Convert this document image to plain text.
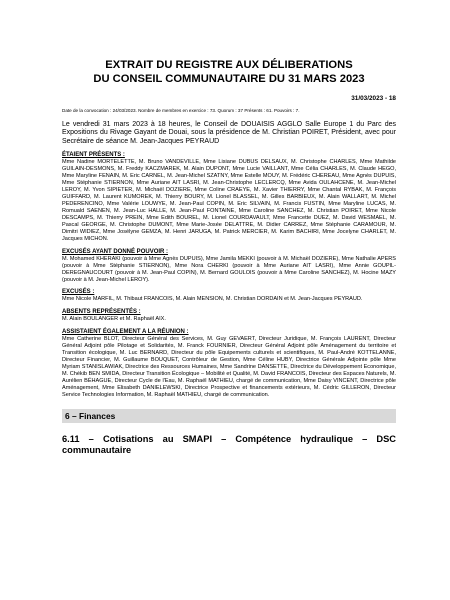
EXTRAIT DU REGISTRE AUX DÉLIBERATIONS

DU CONSEIL COMMUNAUTAIRE DU 31 MARS 2023

31/03/2023 - 18
Date de la convocation : 24/03/2023. Nombre de membres en exercice : 73. Quorum : 37 Présents : 61. Pouvoirs : 7.
Le vendredi 31 mars 2023 à 18 heures, le Conseil de DOUAISIS AGGLO Salle Europe 1 du Parc des Expositions du Rivage Gayant de Douai, sous la présidence de M. Christian POIRET, Président, avec pour Secrétaire de séance M. Jean-Jacques PEYRAUD
ÉTAIENT PRÉSENTS :
Mme Nadine MORTELETTE, M. Bruno VANDEVILLE, Mme Lisiane DUBUS DELSAUX, M. Christophe CHARLES, Mme Mathilde GUILAIN-DESMONS, M. Freddy KACZMAREK, M. Alain DUPONT, Mme Lucie VAILLANT, Mme Célia CHARLES, M. Claude HEGO, Mme Maryline FENAIN, M. Eric CARNEL, M. Jean-Michel SZATNY, Mme Estelle MOUY, M. Frédéric CHEREAU, Mme Agnès DUPUIS, Mme Stéphanie STIERNON, Mme Auriane AIT LASRI, M. Jean-Christophe LECLERCQ, Mme Avida OULAHCENE, M. Jean-Michel LEROY, M. Yvon SIPIETER, M. Michaël DOZIERE, Mme Coline CRAEYE, M. Xavier THIERRY, Mme Chantal RYBAK, M. François GUIFFARD, M. Laurent KUMOREK, M. Thierry BOURY, M. Lionel BLASSEL, M. Gilles BARBIEUX, M. Alain WALLART, M. Michel PEDERENCINO, Mme Valérie LOUWYE, M. Jean-Paul COPIN, M. Eric SILVAIN, M. Francis FUSTIN, Mme Maryline LUCAS, M. Romuald SAENEN, M. Jean-Luc HALLE, M. Jean-Paul FONTAINE, Mme Caroline SANCHEZ, M. Christian POIRET, Mme Nicole DESCAMPS, M. Thierry PREIN, Mme Edith BOUREL, M. Lionel COURDAVAULT, Mme Francette DUEZ, M. David WESMAEL, M. Pascal GEORGE, M. Christophe DUMONT, Mme Marie-Josée DELATTRE, M. Didier CARREZ, Mme Stéphanie CARAMOUR, M. Dimitri WIDIEZ, Mme Josélyne GEMZA, M. Henri JARUGA, M. Patrick MERCIER, M. Karim BACHIRI, Mme Jocelyne CHARLET, M. Jacques MICHON.
EXCUSÉS AYANT DONNÉ POUVOIR :
M. Mohamed KHERAKI (pouvoir à Mme Agnès DUPUIS), Mme Jamila MEKKI (pouvoir à M. Michaël DOZIERE), Mme Nathalie APERS (pouvoir à Mme Stéphanie STIERNON), Mme Nora CHERKI (pouvoir à Mme Auriane AIT LASRI), Mme Annie GOUPIL-DEREGNAUCOURT (pouvoir à M. Jean-Paul COPIN), M. Bernard GOULOIS (pouvoir à Mme Caroline SANCHEZ), M. Hocine MAZY (pouvoir à M. Jean-Michel LEROY).
EXCUSÉS :
Mme Nicole MARFIL, M. Thibaut FRANCOIS, M. Alain MENSION, M. Christian DORDAIN et M. Jean-Jacques PEYRAUD.
ABSENTS REPRÉSENTÉS :
M. Alain BOULANGER et M. Raphaël AIX.
ASSISTAIENT ÉGALEMENT A LA RÉUNION :
Mme Catherine BLOT, Directeur Général des Services, M. Guy GEVAERT, Directeur Juridique, M. François LAURENT, Directeur Général Adjoint pôle Pilotage et Solidarités, M. Franck FOURNIER, Directeur Général Adjoint pôle Aménagement du territoire et Transition écologique, M. Luc BERNARD, Directeur du pôle Equipements culturels et scientifiques, M. Paul-André KOTTELANNE, Directeur Financier, M. Guillaume BOUQUET, Contrôleur de Gestion, Mme Céline HUBY, Directrice Générale Adjointe pôle Mme Myriam STANISLAWIAK, Directrice des Ressources Humaines, Mme Sandrine DANSETTE, Directrice du Développement Economique, M. Chékib BEN SMIDA, Directeur Transition Écologique – Mobilité et Qualité, M. David FRANCOIS, Directeur des Espaces Naturels, M. Aurélien BÉHAGUE, Directeur Cycle de l'Eau, M. Raphaël MATHIEU, chargé de communication, Mme Daisy VINCENT, Directrice pôle Aménagement, Mme Elisabeth DANIELEWSKI, Directrice Prospective et financements extérieurs, M. Cédric GILLERON, Directeur Service Technologies Information, M. Raphaël MATHIEU, chargé de communication.
6 – Finances
6.11 – Cotisations au SMAPI – Compétence hydraulique – DSC communautaire
